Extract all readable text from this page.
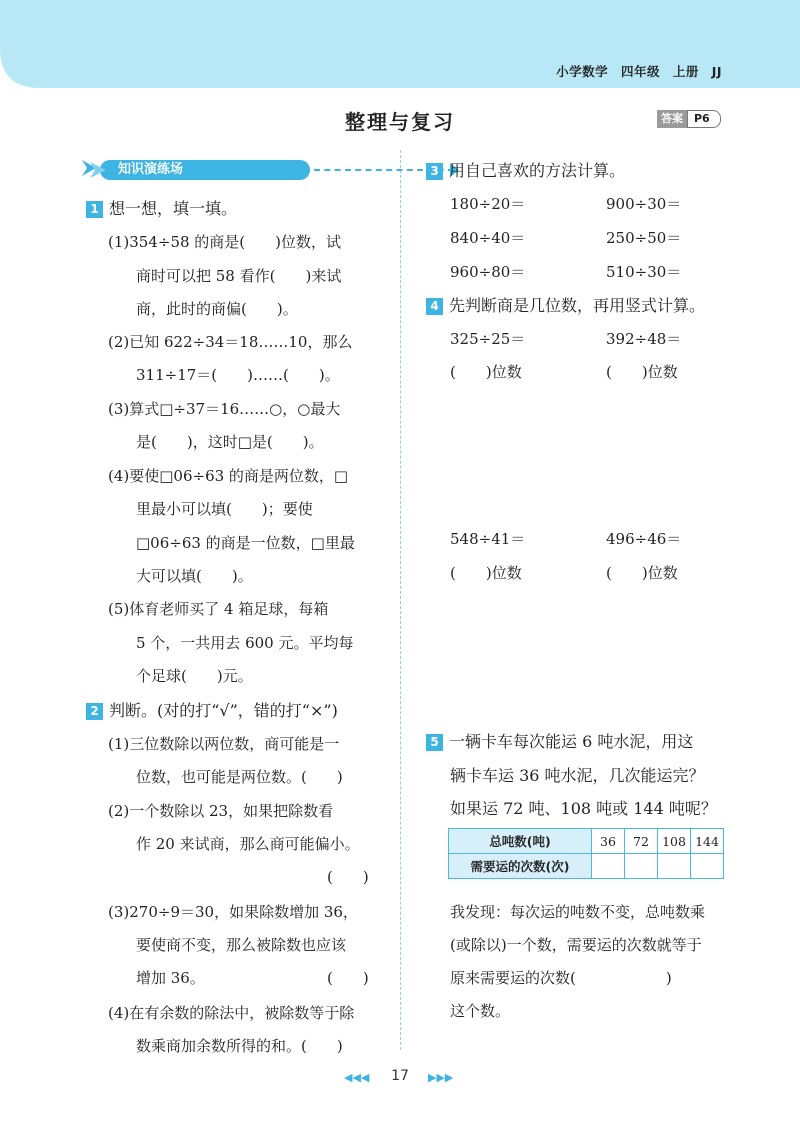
小学数学 四年级 上册 JJ
整理与复习	答案	P6
知识演练场
1 想一想，填一填。
(1)354÷58 的商是(　　)位数，试
商时可以把 58 看作(　　)来试
商，此时的商偏(　　)。
(2)已知 622÷34＝18……10，那么
311÷17＝(　　)……(　　)。
(3)算式□÷37＝16……○，○最大
是(　　)，这时□是(　　)。
(4)要使□06÷63 的商是两位数，□
里最小可以填(　　)；要使
□06÷63 的商是一位数，□里最
大可以填(　　)。
(5)体育老师买了 4 箱足球，每箱
5 个，一共用去 600 元。平均每
个足球(　　)元。
2 判断。(对的打“√”，错的打“×”)
(1)三位数除以两位数，商可能是一
位数，也可能是两位数。(　　)
(2)一个数除以 23，如果把除数看
作 20 来试商，那么商可能偏小。
(　　)
(3)270÷9＝30，如果除数增加 36，
要使商不变，那么被除数也应该
增加 36。	(　　)
(4)在有余数的除法中，被除数等于除
数乘商加余数所得的和。(　　)
3 用自己喜欢的方法计算。
180÷20＝	900÷30＝
840÷40＝	250÷50＝
960÷80＝	510÷30＝
4 先判断商是几位数，再用竖式计算。
325÷25＝	392÷48＝
(　　)位数	(　　)位数
548÷41＝	496÷46＝
(　　)位数	(　　)位数
5 一辆卡车每次能运 6 吨水泥，用这
辆卡车运 36 吨水泥，几次能运完？
如果运 72 吨、108 吨或 144 吨呢？
总吨数(吨)	36	72	108	144
需要运的次数(次)				
我发现：每次运的吨数不变，总吨数乘
(或除以)一个数，需要运的次数就等于
原来需要运的次数(　　　　　　)
这个数。
◀◀◀	17	▶▶▶
